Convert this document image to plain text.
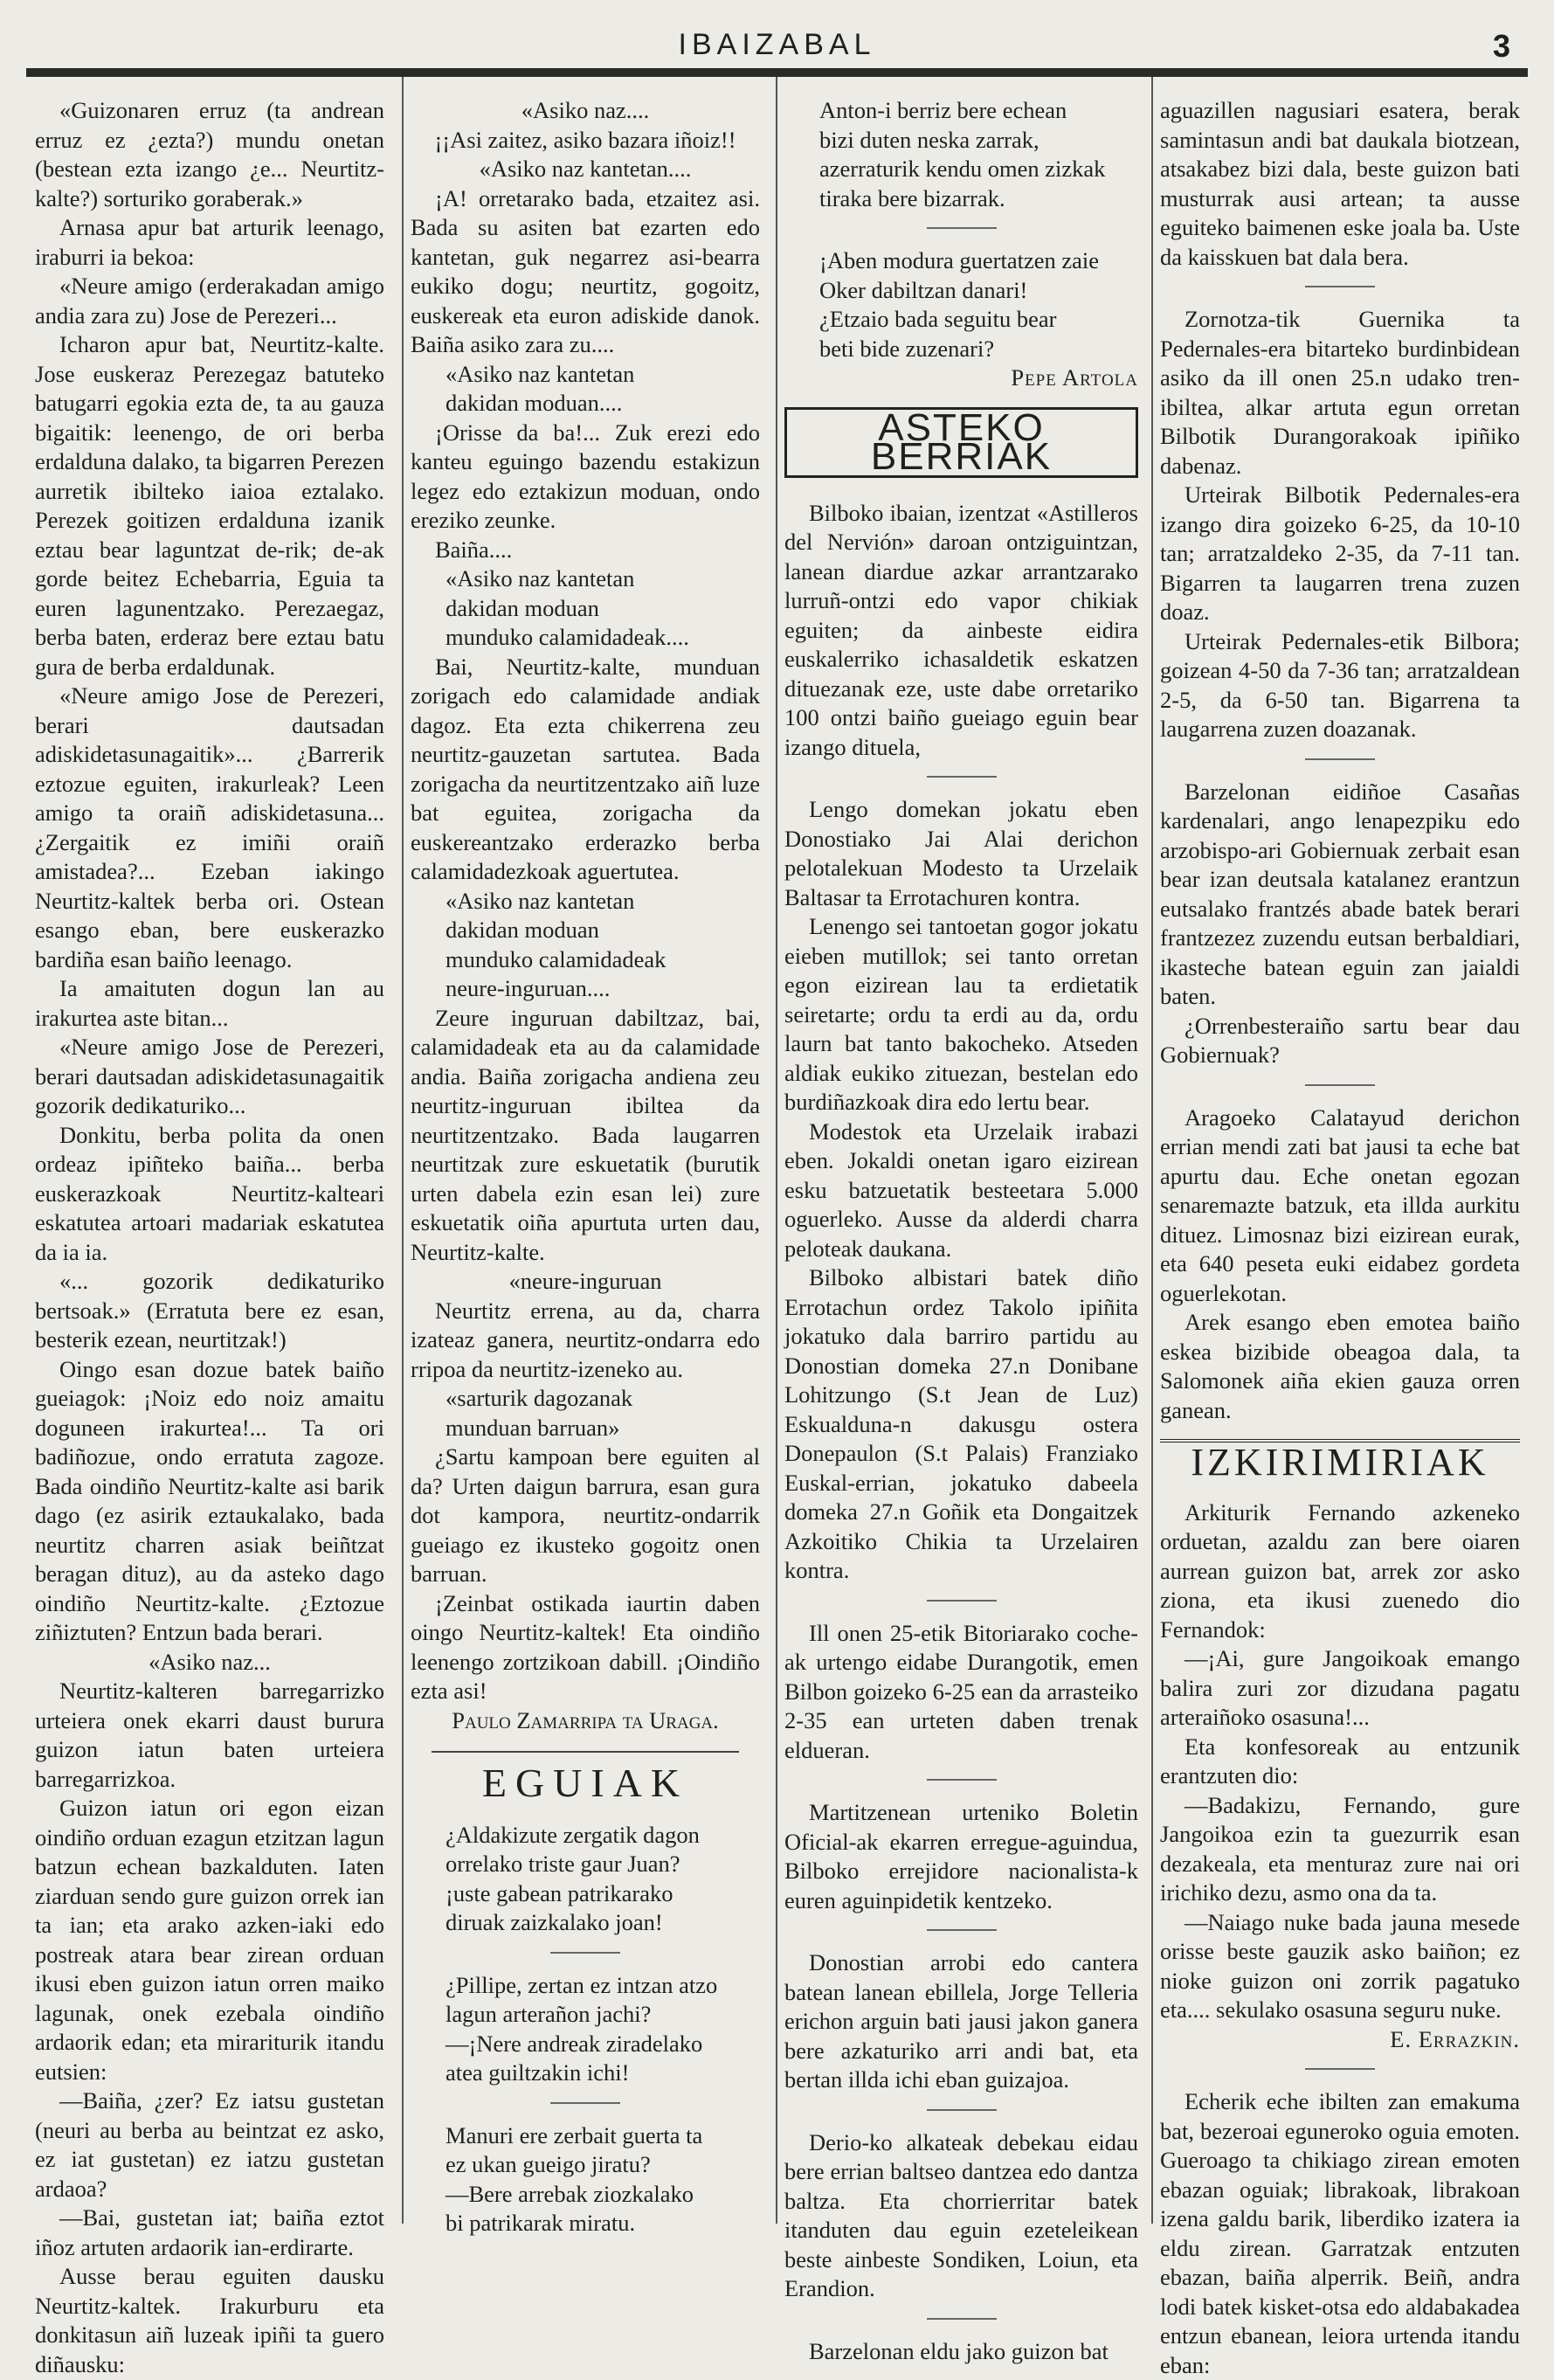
IBAIZABAL	3

«Guizonaren erruz (ta andrean erruz ez ¿ezta?) mundu onetan (bestean ezta izango ¿e... Neurtitz-kalte?) sorturiko goraberak.»

Arnasa apur bat arturik leenago, iraburri ia bekoa:

«Neure amigo (erderakadan amigo andia zara zu) Jose de Perezeri...

Icharon apur bat, Neurtitz-kalte. Jose euskeraz Perezegaz batuteko batugarri egokia ezta de, ta au gauza bigaitik: leenengo, de ori berba erdalduna dalako, ta bigarren Perezen aurretik ibilteko iaioa eztalako. Perezek goitizen erdalduna izanik eztau bear laguntzat de-rik; de-ak gorde beitez Echebarria, Eguia ta euren lagunentzako. Perezaegaz, berba baten, erderaz bere eztau batu gura de berba erdaldunak.

«Neure amigo Jose de Perezeri, berari dautsadan adiskidetasunagaitik»... ¿Barrerik eztozue eguiten, irakurleak? Leen amigo ta oraiñ adiskidetasuna... ¿Zergaitik ez imiñi oraiñ amistadea?... Ezeban iakingo Neurtitz-kaltek berba ori. Ostean esango eban, bere euskerazko bardiña esan baiño leenago.

Ia amaituten dogun lan au irakurtea aste bitan...

«Neure amigo Jose de Perezeri, berari dautsadan adiskidetasunagaitik gozorik dedikaturiko...

Donkitu, berba polita da onen ordeaz ipiñteko baiña... berba euskerazkoak Neurtitz-kalteari eskatutea artoari madariak eskatutea da ia ia.

«... gozorik dedikaturiko bertsoak.» (Erratuta bere ez esan, besterik ezean, neurtitzak!)

Oingo esan dozue batek baiño gueiagok: ¡Noiz edo noiz amaitu doguneen irakurtea!... Ta ori badiñozue, ondo erratuta zagoze. Bada oindiño Neurtitz-kalte asi barik dago (ez asirik eztaukalako, bada neurtitz charren asiak beiñtzat beragan dituz), au da asteko dago oindiño Neurtitz-kalte. ¿Eztozue ziñiztuten? Entzun bada berari.

«Asiko naz...

Neurtitz-kalteren barregarrizko urteiera onek ekarri daust burura guizon iatun baten urteiera barregarrizkoa.

Guizon iatun ori egon eizan oindiño orduan ezagun etzitzan lagun batzun echean bazkalduten. Iaten ziarduan sendo gure guizon orrek ian ta ian; eta arako azken-iaki edo postreak atara bear zirean orduan ikusi eben guizon iatun orren maiko lagunak, onek ezebala oindiño ardaorik edan; eta mirariturik itandu eutsien:

—Baiña, ¿zer? Ez iatsu gustetan (neuri au berba au beintzat ez asko, ez iat gustetan) ez iatzu gustetan ardaoa?

—Bai, gustetan iat; baiña eztot iñoz artuten ardaorik ian-erdirarte.

Ausse berau eguiten dausku Neurtitz-kaltek. Irakurburu eta donkitasun aiñ luzeak ipiñi ta guero diñausku:

«Asiko naz....

¡¡Asi zaitez, asiko bazara iñoiz!!

«Asiko naz kantetan....

¡A! orretarako bada, etzaitez asi. Bada su asiten bat ezarten edo kantetan, guk negarrez asi-bearra eukiko dogu; neurtitz, gogoitz, euskereak eta euron adiskide danok. Baiña asiko zara zu....

«Asiko naz kantetan

dakidan moduan....

¡Orisse da ba!... Zuk erezi edo kanteu eguingo bazendu estakizun legez edo eztakizun moduan, ondo ereziko zeunke.

Baiña....

«Asiko naz kantetan

dakidan moduan

munduko calamidadeak....

Bai, Neurtitz-kalte, munduan zorigach edo calamidade andiak dagoz. Eta ezta chikerrena zeu neurtitz-gauzetan sartutea. Bada zorigacha da neurtitzentzako aiñ luze bat eguitea, zorigacha da euskereantzako erderazko berba calamidadezkoak aguertutea.

«Asiko naz kantetan

dakidan moduan

munduko calamidadeak

neure-inguruan....

Zeure inguruan dabiltzaz, bai, calamidadeak eta au da calamidade andia. Baiña zorigacha andiena zeu neurtitz-inguruan ibiltea da neurtitzentzako. Bada laugarren neurtitzak zure eskuetatik (burutik urten dabela ezin esan lei) zure eskuetatik oiña apurtuta urten dau, Neurtitz-kalte.

«neure-inguruan

Neurtitz errena, au da, charra izateaz ganera, neurtitz-ondarra edo rripoa da neurtitz-izeneko au.

«sarturik dagozanak

munduan barruan»

¿Sartu kampoan bere eguiten al da? Urten daigun barrura, esan gura dot kampora, neurtitz-ondarrik gueiago ez ikusteko gogoitz onen barruan.

¡Zeinbat ostikada iaurtin daben oingo Neurtitz-kaltek! Eta oindiño leenengo zortzikoan dabill. ¡Oindiño ezta asi!

Paulo Zamarripa ta Uraga.

EGUIAK

¿Aldakizute zergatik dagon

orrelako triste gaur Juan?

¡uste gabean patrikarako

diruak zaizkalako joan!

¿Pillipe, zertan ez intzan atzo

lagun arterañon jachi?

—¡Nere andreak ziradelako

atea guiltzakin ichi!

Manuri ere zerbait guerta ta

ez ukan gueigo jiratu?

—Bere arrebak ziozkalako

bi patrikarak miratu.

Anton-i berriz bere echean

bizi duten neska zarrak,

azerraturik kendu omen zizkak

tiraka bere bizarrak.

¡Aben modura guertatzen zaie

Oker dabiltzan danari!

¿Etzaio bada seguitu bear

beti bide zuzenari?

Pepe Artola

ASTEKO BERRIAK

Bilboko ibaian, izentzat «Astilleros del Nervión» daroan ontziguintzan, lanean diardue azkar arrantzarako lurruñ-ontzi edo vapor chikiak eguiten; da ainbeste eidira euskalerriko ichasaldetik eskatzen dituezanak eze, uste dabe orretariko 100 ontzi baiño gueiago eguin bear izango dituela,

Lengo domekan jokatu eben Donostiako Jai Alai derichon pelotalekuan Modesto ta Urzelaik Baltasar ta Errotachuren kontra.

Lenengo sei tantoetan gogor jokatu eieben mutillok; sei tanto orretan egon eizirean lau ta erdietatik seiretarte; ordu ta erdi au da, ordu laurn bat tanto bakocheko. Atseden aldiak eukiko zituezan, bestelan edo burdiñazkoak dira edo lertu bear.

Modestok eta Urzelaik irabazi eben. Jokaldi onetan igaro eizirean esku batzuetatik besteetara 5.000 oguerleko. Ausse da alderdi charra peloteak daukana.

Bilboko albistari batek diño Errotachun ordez Takolo ipiñita jokatuko dala barriro partidu au Donostian domeka 27.n Donibane Lohitzungo (S.t Jean de Luz) Eskualduna-n dakusgu ostera Donepaulon (S.t Palais) Franziako Euskal-errian, jokatuko dabeela domeka 27.n Goñik eta Dongaitzek Azkoitiko Chikia ta Urzelairen kontra.

Ill onen 25-etik Bitoriarako coche-ak urtengo eidabe Durangotik, emen Bilbon goizeko 6-25 ean da arrasteiko 2-35 ean urteten daben trenak eldueran.

Martitzenean urteniko Boletin Oficial-ak ekarren erregue-aguindua, Bilboko errejidore nacionalista-k euren aguinpidetik kentzeko.

Donostian arrobi edo cantera batean lanean ebillela, Jorge Telleria erichon arguin bati jausi jakon ganera bere azkaturiko arri andi bat, eta bertan illda ichi eban guizajoa.

Derio-ko alkateak debekau eidau bere errian baltseo dantzea edo dantza baltza. Eta chorrierritar batek itanduten dau eguin ezeteleikean beste ainbeste Sondiken, Loiun, eta Erandion.

Barzelonan eldu jako guizon bat

aguazillen nagusiari esatera, berak samintasun andi bat daukala biotzean, atsakabez bizi dala, beste guizon bati musturrak ausi artean; ta ausse eguiteko baimenen eske joala ba. Uste da kaisskuen bat dala bera.

Zornotza-tik Guernika ta Pedernales-era bitarteko burdinbidean asiko da ill onen 25.n udako tren-ibiltea, alkar artuta egun orretan Bilbotik Durangorakoak ipiñiko dabenaz.

Urteirak Bilbotik Pedernales-era izango dira goizeko 6-25, da 10-10 tan; arratzaldeko 2-35, da 7-11 tan. Bigarren ta laugarren trena zuzen doaz.

Urteirak Pedernales-etik Bilbora; goizean 4-50 da 7-36 tan; arratzaldean 2-5, da 6-50 tan. Bigarrena ta laugarrena zuzen doazanak.

Barzelonan eidiñoe Casañas kardenalari, ango lenapezpiku edo arzobispo-ari Gobiernuak zerbait esan bear izan deutsala katalanez erantzun eutsalako frantzés abade batek berari frantzezez zuzendu eutsan berbaldiari, ikasteche batean eguin zan jaialdi baten.

¿Orrenbesteraiño sartu bear dau Gobiernuak?

Aragoeko Calatayud derichon errian mendi zati bat jausi ta eche bat apurtu dau. Eche onetan egozan senaremazte batzuk, eta illda aurkitu dituez. Limosnaz bizi eizirean eurak, eta 640 peseta euki eidabez gordeta oguerlekotan.

Arek esango eben emotea baiño eskea bizibide obeagoa dala, ta Salomonek aiña ekien gauza orren ganean.

IZKIRIMIRIAK

Arkiturik Fernando azkeneko orduetan, azaldu zan bere oiaren aurrean guizon bat, arrek zor asko ziona, eta ikusi zuenedo dio Fernandok:

—¡Ai, gure Jangoikoak emango balira zuri zor dizudana pagatu arteraiñoko osasuna!...

Eta konfesoreak au entzunik erantzuten dio:

—Badakizu, Fernando, gure Jangoikoa ezin ta guezurrik esan dezakeala, eta menturaz zure nai ori irichiko dezu, asmo ona da ta.

—Naiago nuke bada jauna mesede orisse beste gauzik asko baiñon; ez nioke guizon oni zorrik pagatuko eta.... sekulako osasuna seguru nuke.

E. Errazkin.

Echerik eche ibilten zan emakuma bat, bezeroai eguneroko oguia emoten. Gueroago ta chikiago zirean emoten ebazan oguiak; librakoak, librakoan izena galdu barik, liberdiko izatera ia eldu zirean. Garratzak entzuten ebazan, baiña alperrik. Beiñ, andra lodi batek kisket-otsa edo aldabakadea entzun ebanean, leiora urtenda itandu eban:
